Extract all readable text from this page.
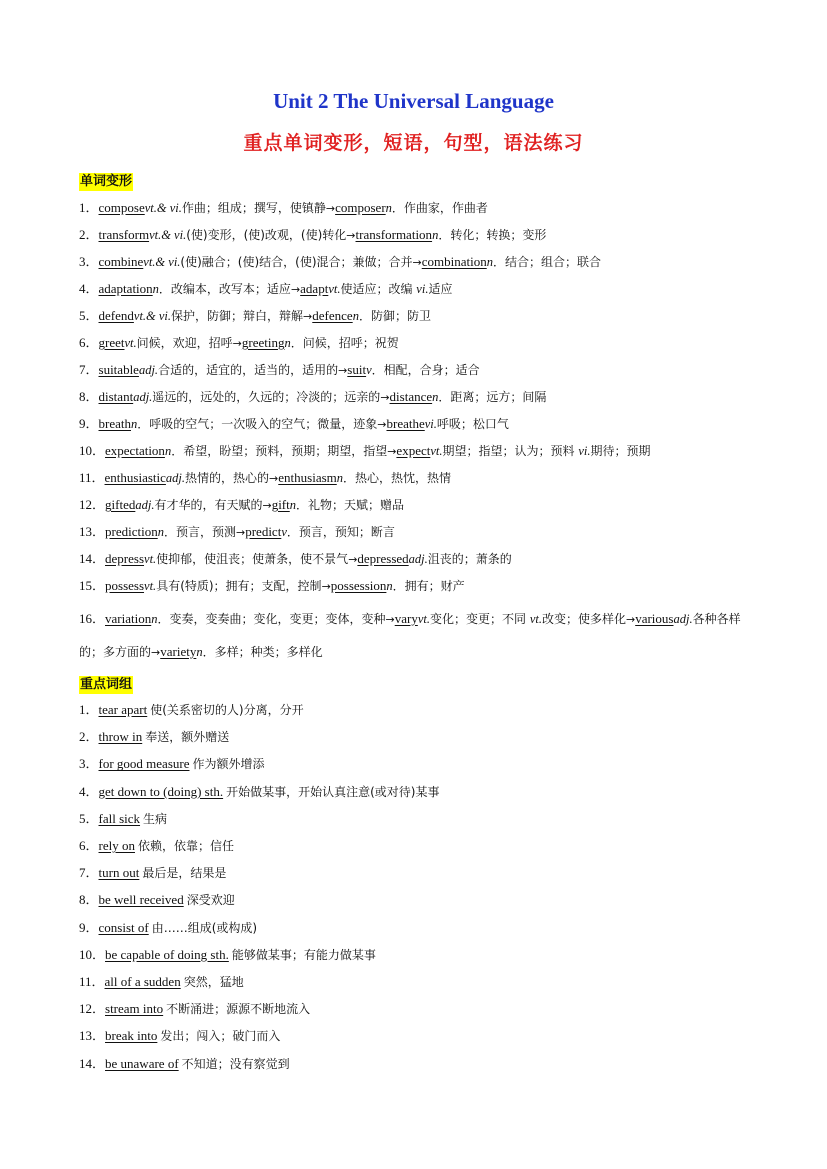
Unit 2 The Universal Language
重点单词变形，短语，句型，语法练习
单词变形
1．composevt.& vi.作曲；组成；撰写，使镇静→composern．作曲家，作曲者
2．transformvt.& vi.(使)变形，(使)改观，(使)转化→transformationn．转化；转换；变形
3．combinevt.& vi.(使)融合；(使)结合，(使)混合；兼做；合并→combinationn．结合；组合；联合
4．adaptationn．改编本，改写本；适应→adaptvt.使适应；改编 vi.适应
5．defendvt.& vi.保护，防御；辩白，辩解→defencen．防御；防卫
6．greetvt.问候，欢迎，招呼→greetingn．问候，招呼；祝贺
7．suitableadj.合适的，适宜的，适当的，适用的→suitv．相配，合身；适合
8．distantadj.遥远的，远处的，久远的；冷淡的；远亲的→distancen．距离；远方；间隔
9．breathn．呼吸的空气；一次吸入的空气；微量，迹象→breathevi.呼吸；松口气
10．expectationn．希望，盼望；预料，预期；期望，指望→expectvt.期望；指望；认为；预料 vi.期待；预期
11．enthusiasticadj.热情的，热心的→enthusiasmn．热心，热忱，热情
12．giftedadj.有才华的，有天赋的→giftn．礼物；天赋；赠品
13．predictionn．预言，预测→predictv．预言，预知；断言
14．depressvt.使抑郁，使沮丧；使萧条，使不景气→depressedadj.沮丧的；萧条的
15．possessvt.具有(特质)；拥有；支配，控制→possessionn．拥有；财产
16．variationn．变奏，变奏曲；变化，变更；变体，变种→varyvt.变化；变更；不同 vt.改变；使多样化→variousadj.各种各样的；多方面的→varietyn．多样；种类；多样化
重点词组
1．tear apart 使(关系密切的人)分离，分开
2．throw in 奉送，额外赠送
3．for good measure 作为额外增添
4．get down to (doing) sth. 开始做某事，开始认真注意(或对待)某事
5．fall sick 生病
6．rely on 依赖，依靠；信任
7．turn out 最后是，结果是
8．be well received 深受欢迎
9．consist of 由……组成(或构成)
10．be capable of doing sth. 能够做某事；有能力做某事
11．all of a sudden 突然，猛地
12．stream into 不断涌进；源源不断地流入
13．break into 发出；闯入；破门而入
14．be unaware of 不知道；没有察觉到
